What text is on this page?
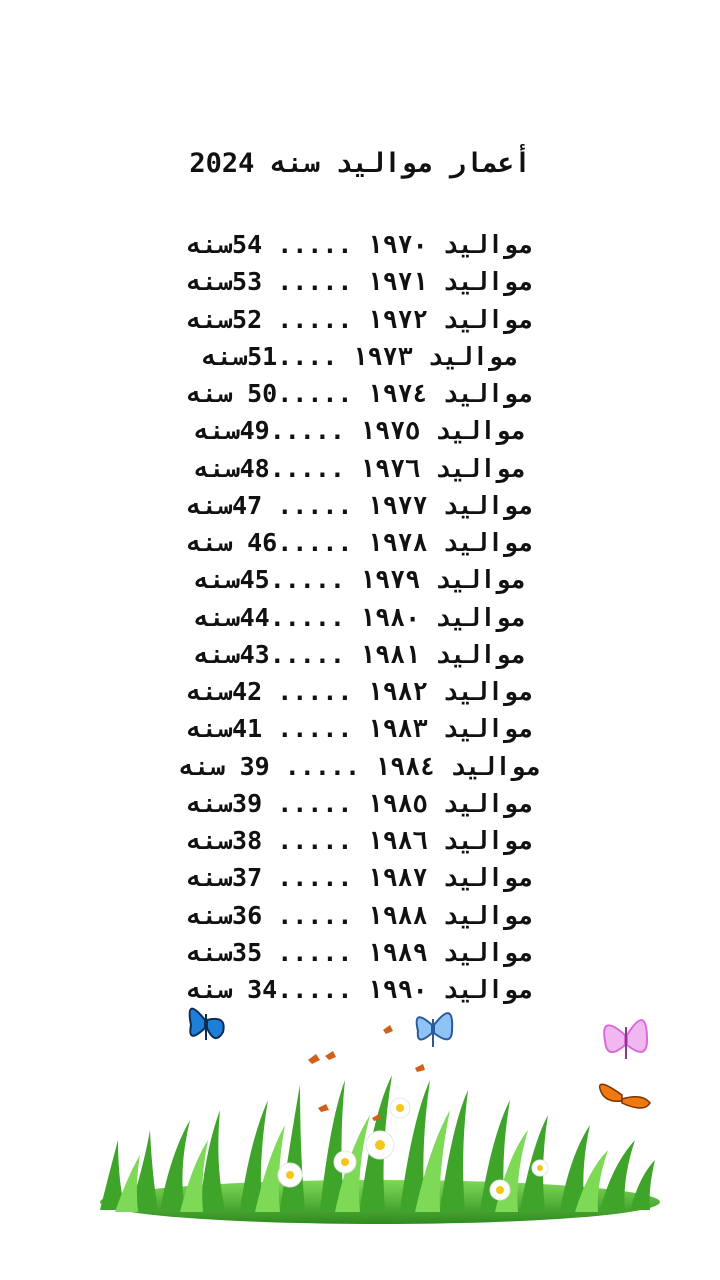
أعمار مواليد سنه 2024
مواليد ١٩٧٠ ..... 54سنه
مواليد ١٩٧١ ..... 53سنه
مواليد ١٩٧٢ ..... 52سنه
مواليد ١٩٧٣ ....51سنه
مواليد ١٩٧٤ .....50 سنه
مواليد ١٩٧٥ .....49سنه
مواليد ١٩٧٦ .....48سنه
مواليد ١٩٧٧ ..... 47سنه
مواليد ١٩٧٨ .....46 سنه
مواليد ١٩٧٩ .....45سنه
مواليد ١٩٨٠ .....44سنه
مواليد ١٩٨١ .....43سنه
مواليد ١٩٨٢ ..... 42سنه
مواليد ١٩٨٣ ..... 41سنه
مواليد ١٩٨٤ ..... 39 سنه
مواليد ١٩٨٥ ..... 39سنه
مواليد ١٩٨٦ ..... 38سنه
مواليد ١٩٨٧ ..... 37سنه
مواليد ١٩٨٨ ..... 36سنه
مواليد ١٩٨٩ ..... 35سنه
مواليد ١٩٩٠ .....34 سنه
